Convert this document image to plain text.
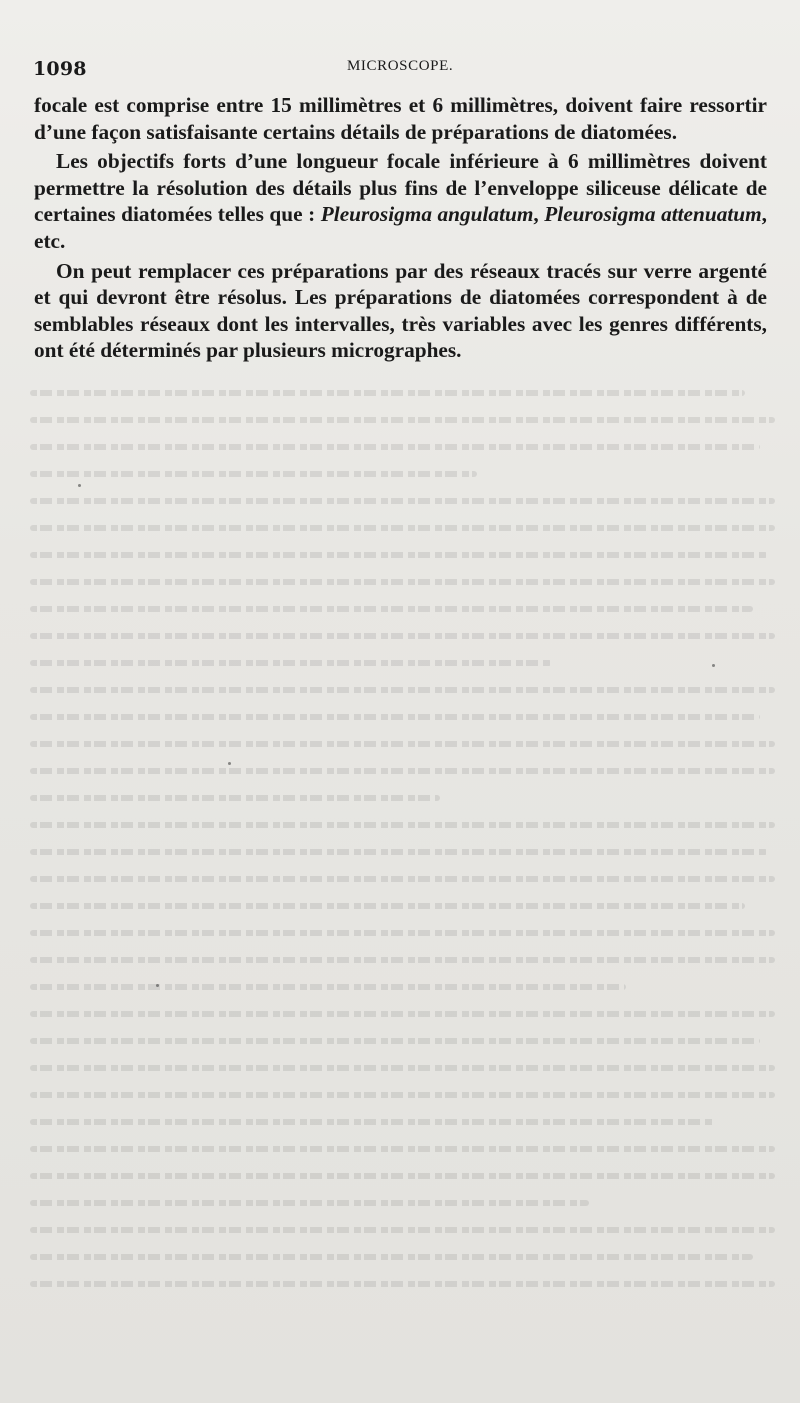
1098	MICROSCOPE.

focale est comprise entre 15 millimètres et 6 millimètres, doivent faire ressortir d’une façon satisfaisante certains détails de préparations de diatomées.

Les objectifs forts d’une longueur focale inférieure à 6 millimètres doivent permettre la résolution des détails plus fins de l’enveloppe siliceuse délicate de certaines diatomées telles que : Pleurosigma angulatum, Pleurosigma attenuatum, etc.

On peut remplacer ces préparations par des réseaux tracés sur verre argenté et qui devront être résolus. Les préparations de diatomées correspondent à de semblables réseaux dont les intervalles, très variables avec les genres différents, ont été déterminés par plusieurs micrographes.
